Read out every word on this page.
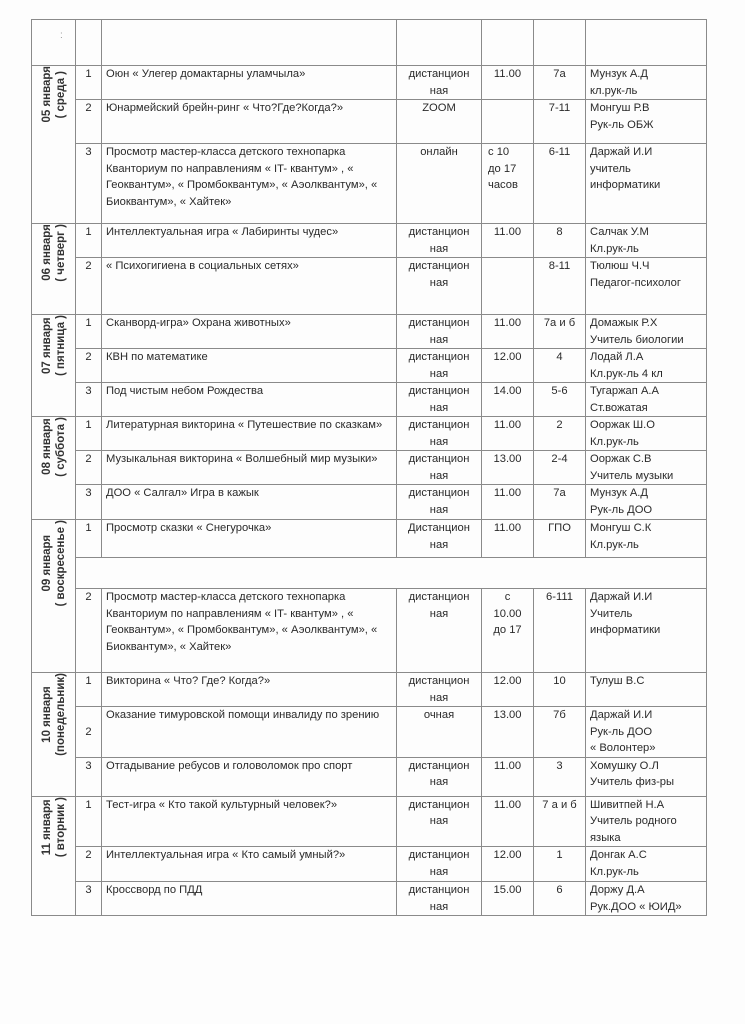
:

05 января ( среда )	1	Оюн « Улегер домактарны уламчыла»	дистанцион
ная	11.00	7а	Мунзук А.Д
кл.рук-ль

	2	Юнармейский брейн-ринг « Что?Где?Когда?»	ZOOM		7-11	Монгуш Р.В
Рук-ль ОБЖ

3	Просмотр мастер-класса детского технопарка Кванториум по направлениям « IT- квантум» , « Геоквантум», « Промбоквантум», « Аэолквантум», « Биоквантум», « Хайтек»	онлайн	с 10
до 17
часов	6-11	Даржай И.И
учитель
информатики

06 января ( четверг )	1	Интеллектуальная игра « Лабиринты чудес»	дистанцион
ная	11.00	8	Салчак У.М
Кл.рук-ль

2	« Психогигиена в социальных сетях»	дистанцион
ная		8-11	Тюлюш Ч.Ч
Педагог-психолог

07 января ( пятница )	1	Сканворд-игра» Охрана животных»	дистанцион
ная	11.00	7а и б	Домажык Р.Х
Учитель биологии

2	КВН по математике	дистанцион
ная	12.00	4	Лодай Л.А
Кл.рук-ль 4 кл

3	Под чистым небом Рождества	дистанцион
ная	14.00	5-6	Тугаржап А.А
Ст.вожатая

08 января ( суббота )	1	Литературная викторина « Путешествие по сказкам»	дистанцион
ная	11.00	2	Ооржак Ш.О
Кл.рук-ль

2	Музыкальная викторина « Волшебный мир музыки»	дистанцион
ная	13.00	2-4	Ооржак С.В
Учитель музыки

3	ДОО « Салгал» Игра в кажык	дистанцион
ная	11.00	7а	Мунзук А.Д
Рук-ль ДОО

09 января ( воскресенье )	1	Просмотр сказки « Снегурочка»	Дистанцион
ная	11.00	ГПО	Монгуш С.К
Кл.рук-ль

2	Просмотр мастер-класса детского технопарка Кванториум по направлениям « IT- квантум» , « Геоквантум», « Промбоквантум», « Аэолквантум», « Биоквантум», « Хайтек»	дистанцион
ная	с
10.00
до 17	6-111	Даржай И.И
Учитель
информатики

10 января (понедельник)	1	Викторина « Что? Где? Когда?»	дистанцион
ная	12.00	10	Тулуш В.С

	2	Оказание тимуровской помощи инвалиду по зрению	очная	13.00	7б	Даржай И.И
Рук-ль ДОО
« Волонтер»

3	Отгадывание ребусов и головоломок про спорт	дистанцион
ная	11.00	3	Хомушку О.Л
Учитель физ-ры

11 января ( вторник )	1	Тест-игра « Кто такой культурный человек?»	дистанцион
ная	11.00	7 а и б	Шивитпей Н.А
Учитель родного
языка

2	Интеллектуальная игра « Кто самый умный?»	дистанцион
ная	12.00	1	Донгак А.С
Кл.рук-ль

3	Кроссворд по ПДД	дистанцион
ная	15.00	6	Доржу Д.А
Рук.ДОО « ЮИД»
